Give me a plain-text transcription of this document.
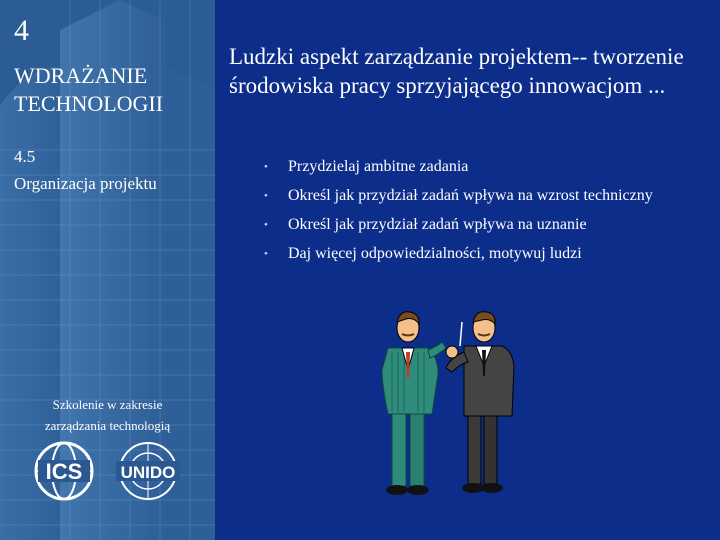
4
WDRAŻANIE TECHNOLOGII
4.5
Organizacja projektu
Szkolenie w zakresie
zarządzania technologią
ICS UNIDO
Ludzki aspekt zarządzanie projektem-- tworzenie środowiska pracy sprzyjającego innowacjom ...
• Przydzielaj ambitne zadania
• Określ jak przydział zadań wpływa na wzrost techniczny
• Określ jak przydział zadań wpływa na uznanie
• Daj więcej odpowiedzialności, motywuj ludzi
